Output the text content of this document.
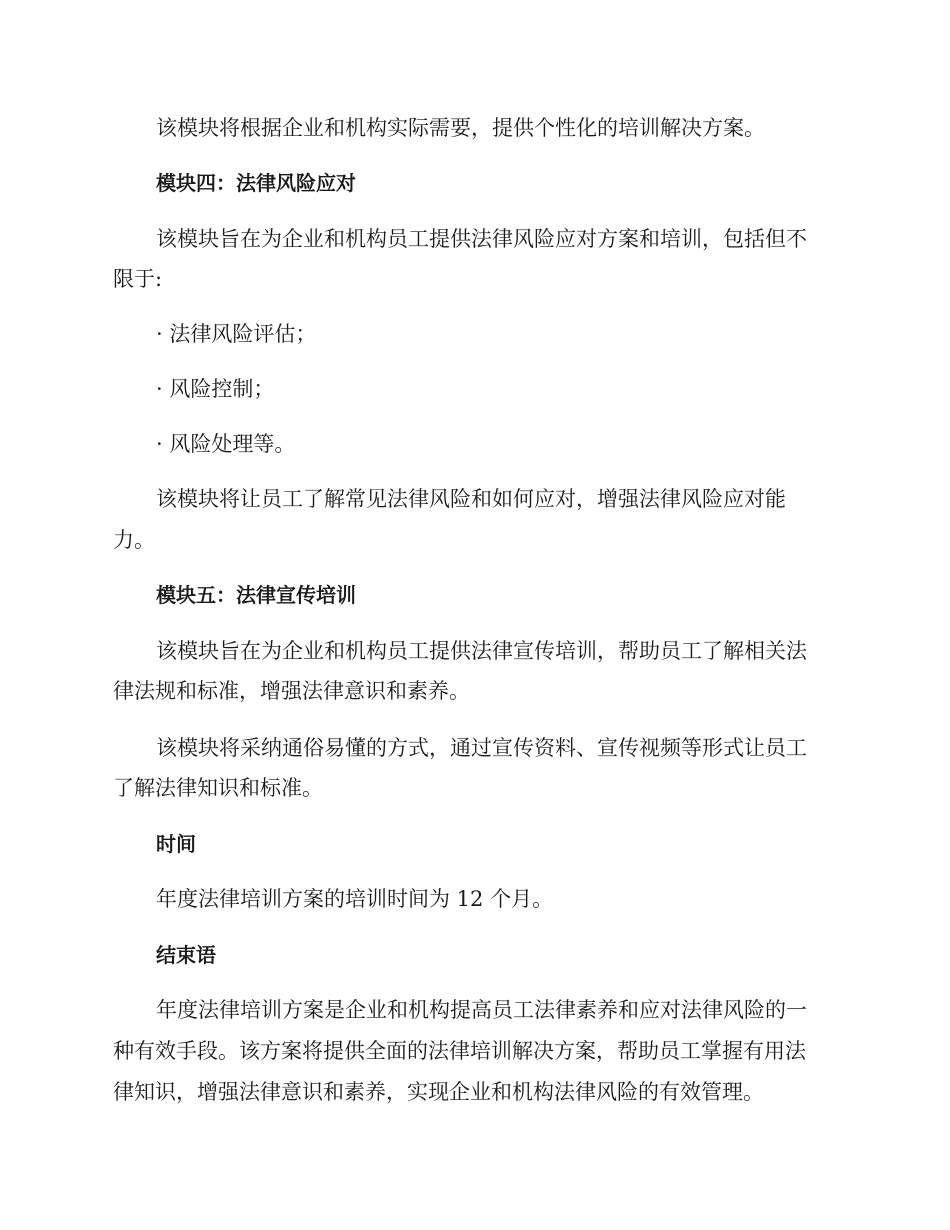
该模块将根据企业和机构实际需要，提供个性化的培训解决方案。
模块四：法律风险应对
该模块旨在为企业和机构员工提供法律风险应对方案和培训，包括但不
限于:
· 法律风险评估；
· 风险控制；
· 风险处理等。
该模块将让员工了解常见法律风险和如何应对，增强法律风险应对能
力。
模块五：法律宣传培训
该模块旨在为企业和机构员工提供法律宣传培训，帮助员工了解相关法
律法规和标准，增强法律意识和素养。
该模块将采纳通俗易懂的方式，通过宣传资料、宣传视频等形式让员工
了解法律知识和标准。
时间
年度法律培训方案的培训时间为 12 个月。
结束语
年度法律培训方案是企业和机构提高员工法律素养和应对法律风险的一
种有效手段。该方案将提供全面的法律培训解决方案，帮助员工掌握有用法
律知识，增强法律意识和素养，实现企业和机构法律风险的有效管理。
